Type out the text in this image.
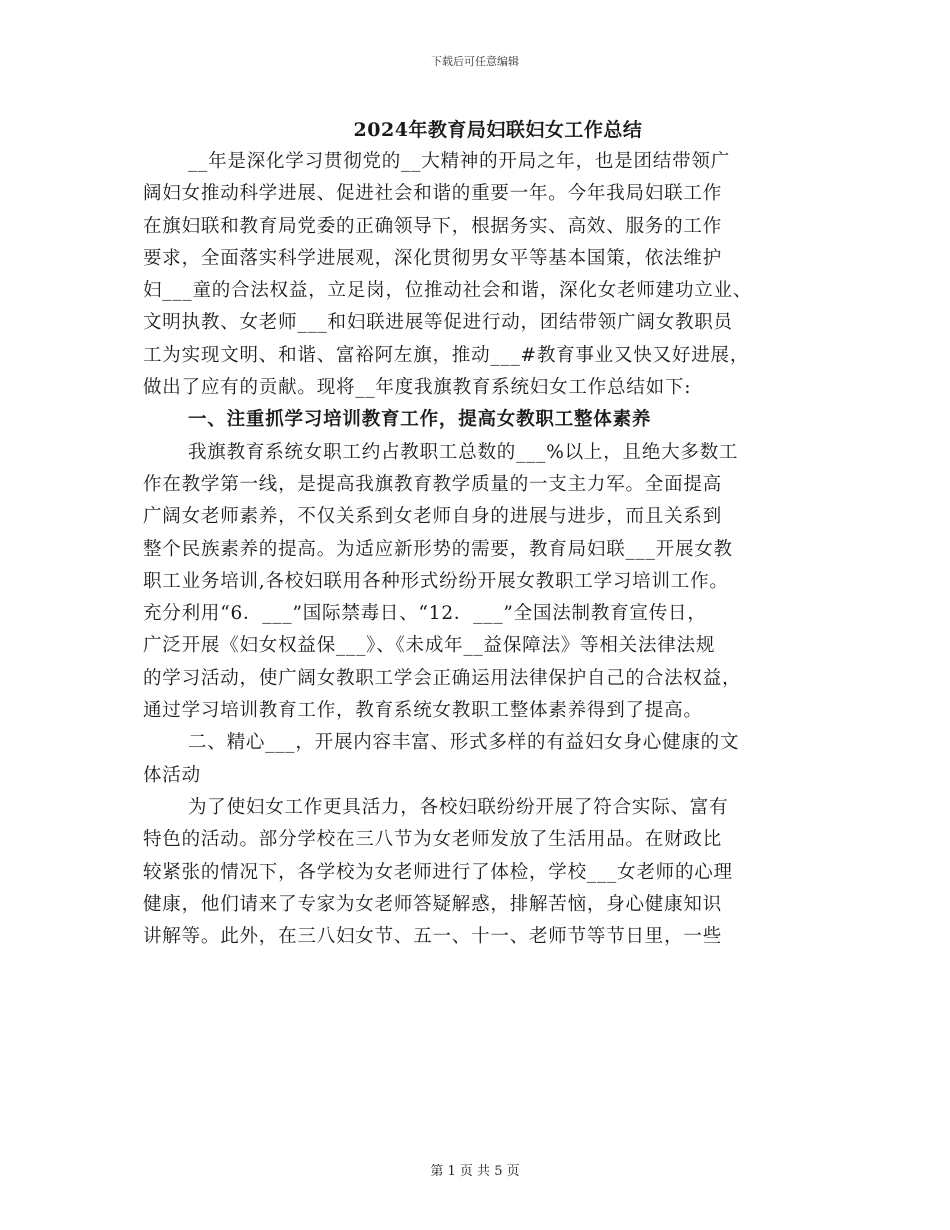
下载后可任意编辑
2024年教育局妇联妇女工作总结
__年是深化学习贯彻党的__大精神的开局之年，也是团结带领广
阔妇女推动科学进展、促进社会和谐的重要一年。今年我局妇联工作
在旗妇联和教育局党委的正确领导下，根据务实、高效、服务的工作
要求，全面落实科学进展观，深化贯彻男女平等基本国策，依法维护
妇___童的合法权益，立足岗，位推动社会和谐，深化女老师建功立业、
文明执教、女老师___和妇联进展等促进行动，团结带领广阔女教职员
工为实现文明、和谐、富裕阿左旗，推动___#教育事业又快又好进展，
做出了应有的贡献。现将__年度我旗教育系统妇女工作总结如下:
一、注重抓学习培训教育工作，提高女教职工整体素养
我旗教育系统女职工约占教职工总数的___%以上，且绝大多数工
作在教学第一线，是提高我旗教育教学质量的一支主力军。全面提高
广阔女老师素养，不仅关系到女老师自身的进展与进步，而且关系到
整个民族素养的提高。为适应新形势的需要，教育局妇联___开展女教
职工业务培训,各校妇联用各种形式纷纷开展女教职工学习培训工作。
充分利用“6．___”国际禁毒日、“12．___”全国法制教育宣传日，
广泛开展《妇女权益保___》、《未成年__益保障法》等相关法律法规
的学习活动，使广阔女教职工学会正确运用法律保护自己的合法权益，
通过学习培训教育工作，教育系统女教职工整体素养得到了提高。
二、精心___，开展内容丰富、形式多样的有益妇女身心健康的文
体活动
为了使妇女工作更具活力，各校妇联纷纷开展了符合实际、富有
特色的活动。部分学校在三八节为女老师发放了生活用品。在财政比
较紧张的情况下，各学校为女老师进行了体检，学校___女老师的心理
健康，他们请来了专家为女老师答疑解惑，排解苦恼，身心健康知识
讲解等。此外，在三八妇女节、五一、十一、老师节等节日里，一些
第 1 页 共 5 页
